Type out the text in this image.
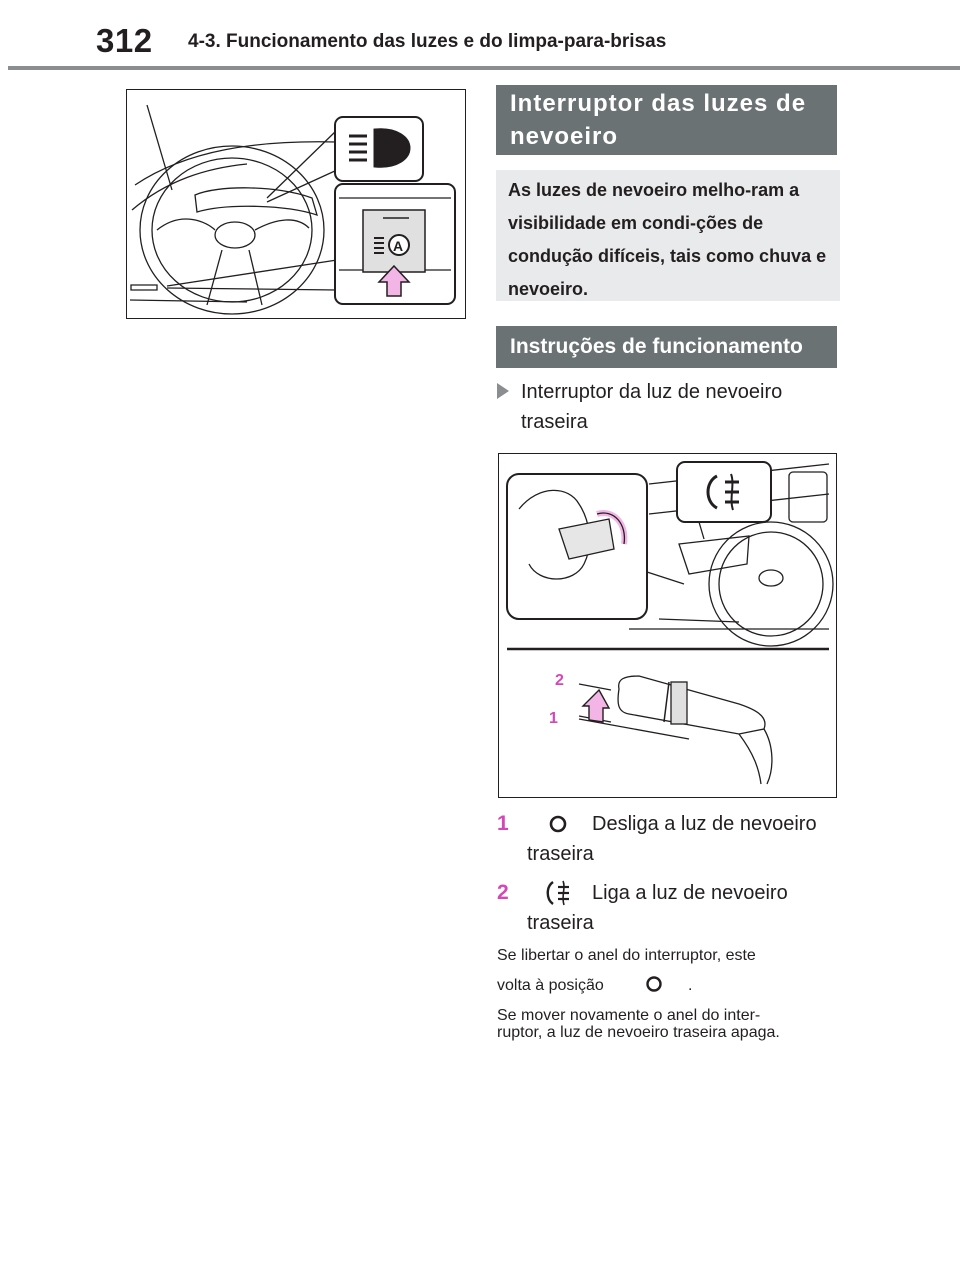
312 4-3. Funcionamento das luzes e do limpa-para-brisas
A
Interruptor das luzes de nevoeiro
As luzes de nevoeiro melho-ram a visibilidade em condi-ções de condução difíceis, tais como chuva e nevoeiro.
Instruções de funcionamento
Interruptor da luz de nevoeiro
traseira
2
1
1	Desliga a luz de nevoeiro
traseira
2	Liga a luz de nevoeiro
traseira
Se libertar o anel do interruptor, este
volta à posição	.
Se mover novamente o anel do inter-
ruptor, a luz de nevoeiro traseira apaga.
